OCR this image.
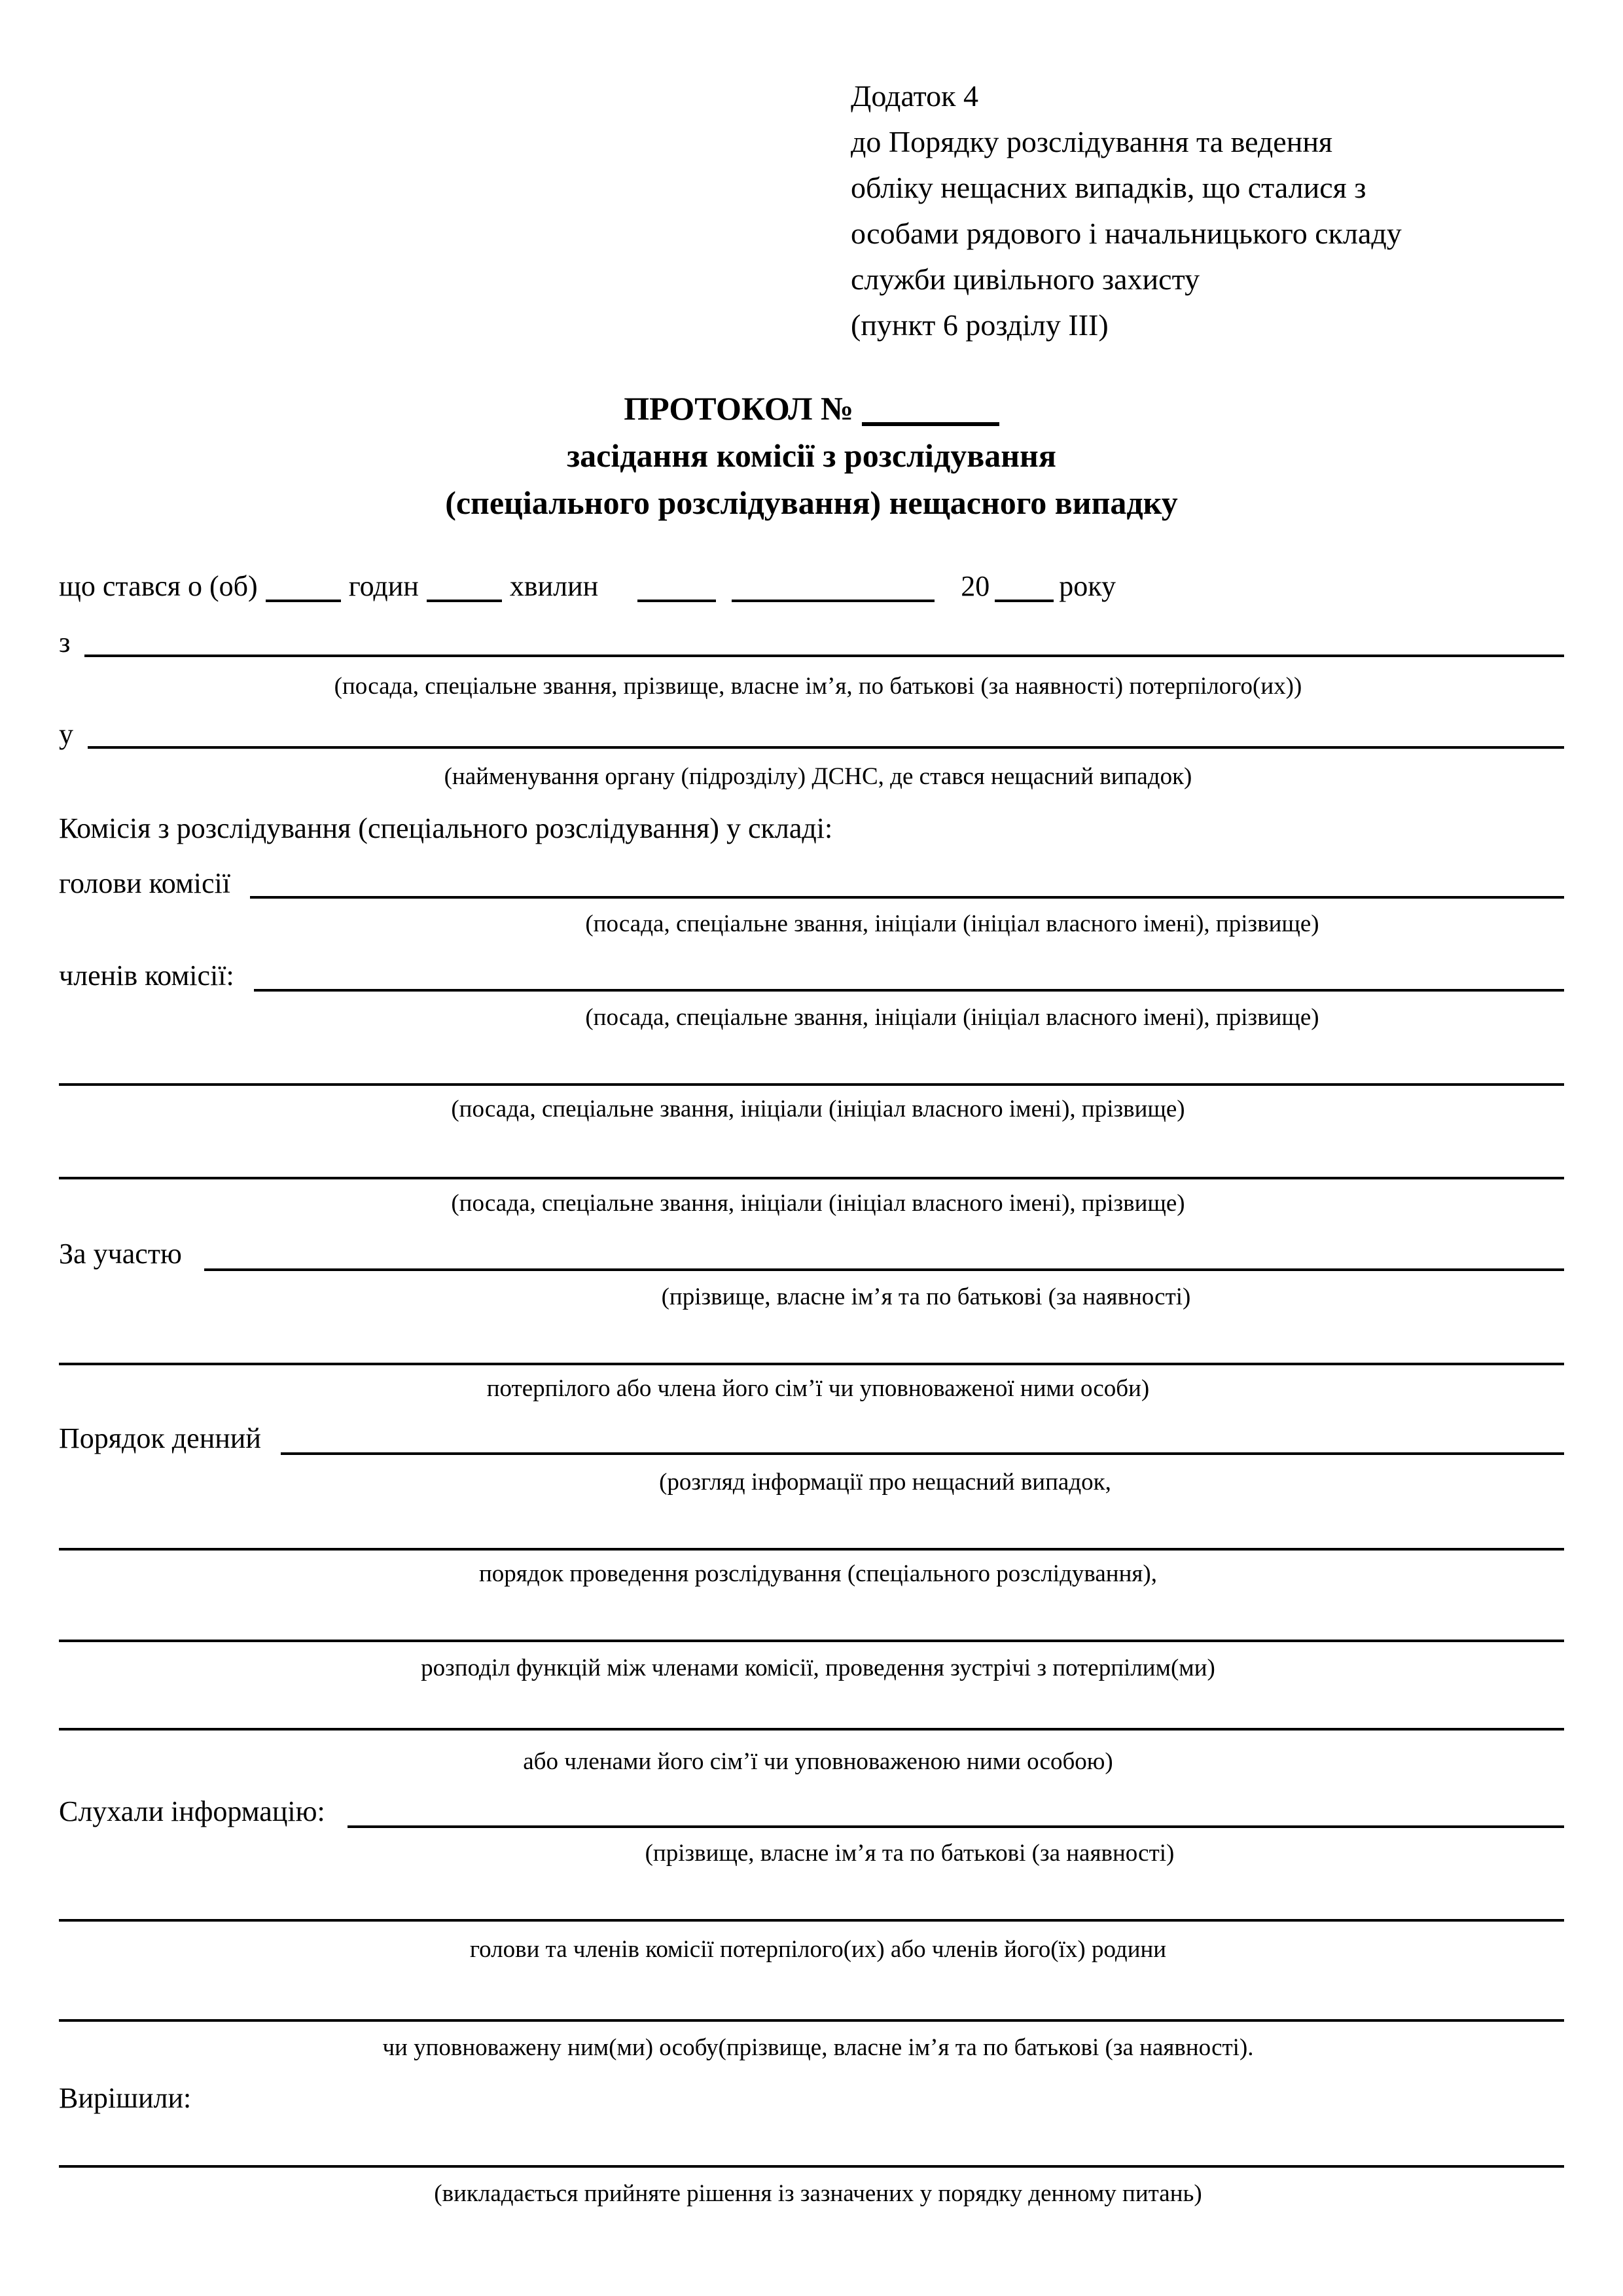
Додаток 4
до Порядку розслідування та ведення
обліку нещасних випадків, що сталися з
особами рядового і начальницького складу
служби цивільного захисту
(пункт 6 розділу ІІІ)
ПРОТОКОЛ №
засідання комісії з розслідування
(спеціального розслідування) нещасного випадку
що стався о (об)	годин	хвилин	20 року
з
(посада, спеціальне звання, прізвище, власне ім’я, по батькові (за наявності) потерпілого(их))
у
(найменування органу (підрозділу) ДСНС, де стався нещасний випадок)
Комісія з розслідування (спеціального розслідування) у складі:
голови комісії
(посада, спеціальне звання, ініціали (ініціал власного імені), прізвище)
членів комісії:
(посада, спеціальне звання, ініціали (ініціал власного імені), прізвище)
(посада, спеціальне звання, ініціали (ініціал власного імені), прізвище)
(посада, спеціальне звання, ініціали (ініціал власного імені), прізвище)
За участю
(прізвище, власне ім’я та по батькові (за наявності)
потерпілого або члена його сім’ї чи уповноваженої ними особи)
Порядок денний
(розгляд інформації про нещасний випадок,
порядок проведення розслідування (спеціального розслідування),
розподіл функцій між членами комісії, проведення зустрічі з потерпілим(ми)
або членами його сім’ї чи уповноваженою ними особою)
Слухали інформацію:
(прізвище, власне ім’я та по батькові (за наявності)
голови та членів комісії потерпілого(их) або членів його(їх) родини
чи уповноважену ним(ми) особу(прізвище, власне ім’я та по батькові (за наявності).
Вирішили:
(викладається прийняте рішення із зазначених у порядку денному питань)
